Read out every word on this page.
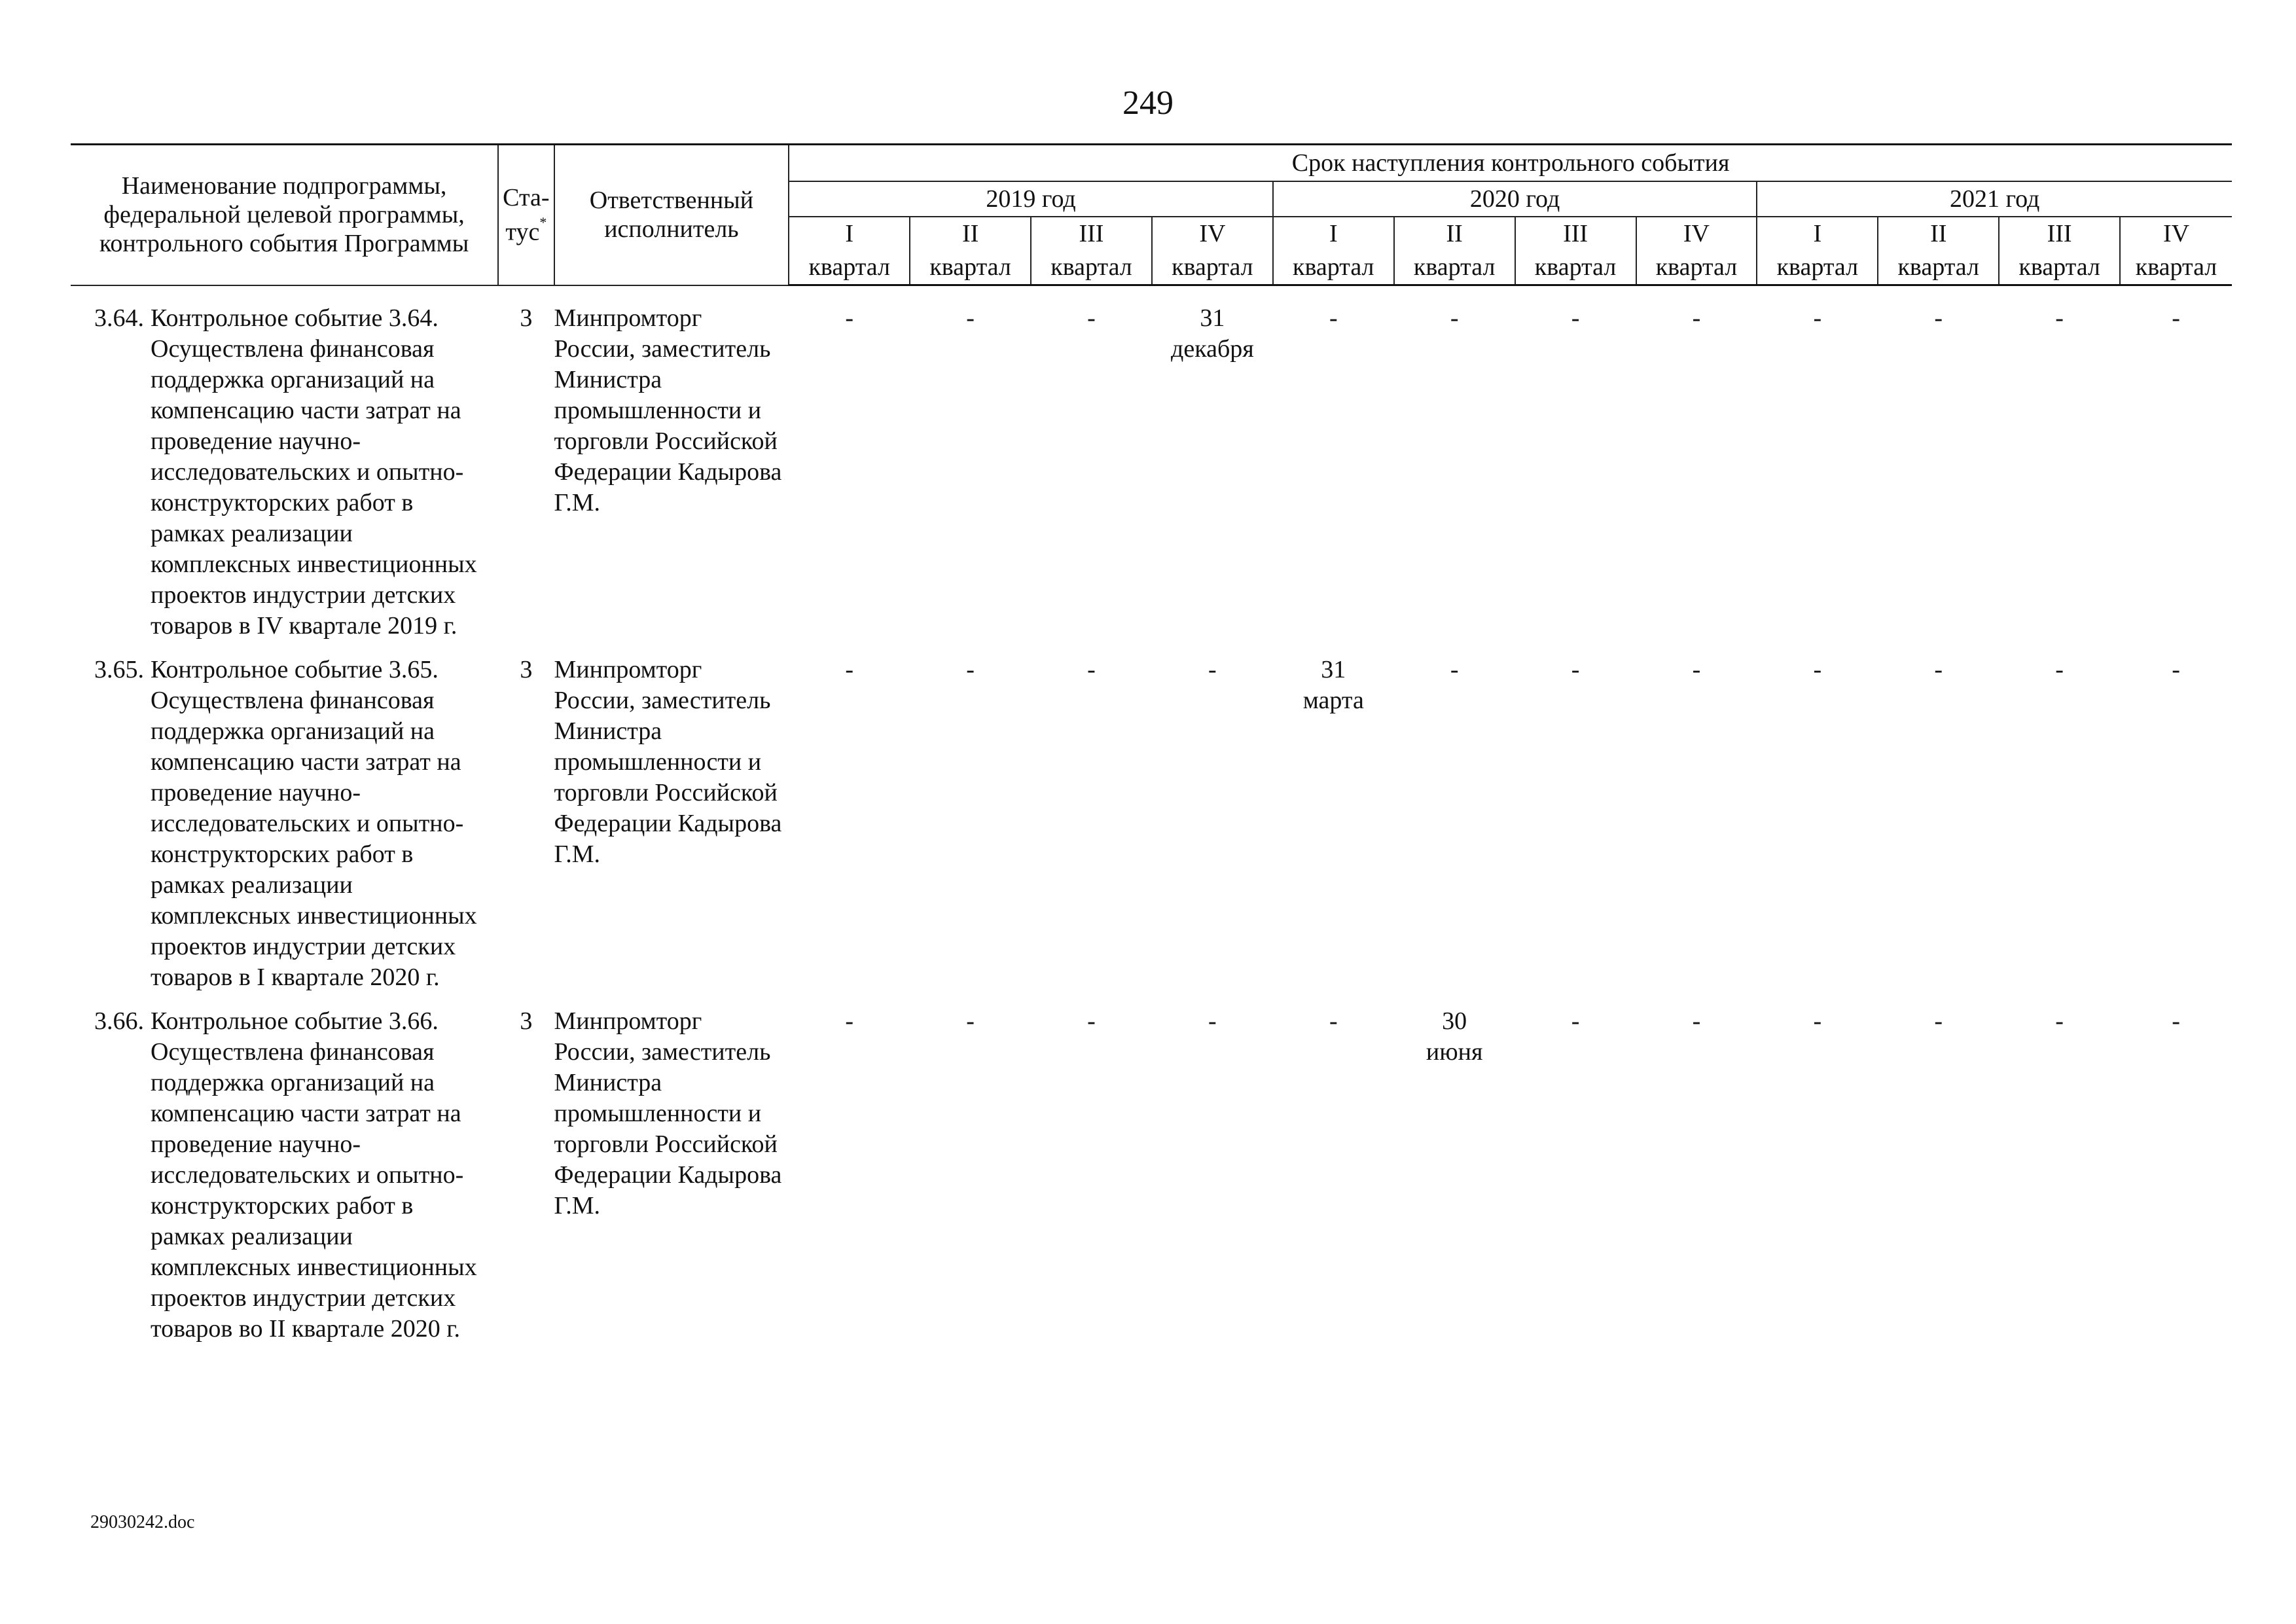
249
Наименование подпрограммы, федеральной целевой программы, контрольного события Программы	Ста-
тус*	Ответственный исполнитель	Срок наступления контрольного события											
			2019 год				2020 год				2021 год			
			I	II	III	IV	I	II	III	IV	I	II	III	IV
			квартал	квартал	квартал	квартал	квартал	квартал	квартал	квартал	квартал	квартал	квартал	квартал

3.64. Контрольное событие 3.64. Осуществлена финансовая поддержка организаций на компенсацию части затрат на проведение научно-исследовательских и опытно-конструкторских работ в рамках реализации комплексных инвестиционных проектов индустрии детских товаров в IV квартале 2019 г.	3	Минпромторг России, заместитель Министра промышленности и торговли Российской Федерации Кадырова Г.М.	-	-	-	31
декабря	-	-	-	-	-	-	-	-
3.65. Контрольное событие 3.65. Осуществлена финансовая поддержка организаций на компенсацию части затрат на проведение научно-исследовательских и опытно-конструкторских работ в рамках реализации комплексных инвестиционных проектов индустрии детских товаров в I квартале 2020 г.	3	Минпромторг России, заместитель Министра промышленности и торговли Российской Федерации Кадырова Г.М.	-	-	-	-	31
марта	-	-	-	-	-	-	-
3.66. Контрольное событие 3.66. Осуществлена финансовая поддержка организаций на компенсацию части затрат на проведение научно-исследовательских и опытно-конструкторских работ в рамках реализации комплексных инвестиционных проектов индустрии детских товаров во II квартале 2020 г.	3	Минпромторг России, заместитель Министра промышленности и торговли Российской Федерации Кадырова Г.М.	-	-	-	-	-	30
июня	-	-	-	-	-	-
29030242.doc
